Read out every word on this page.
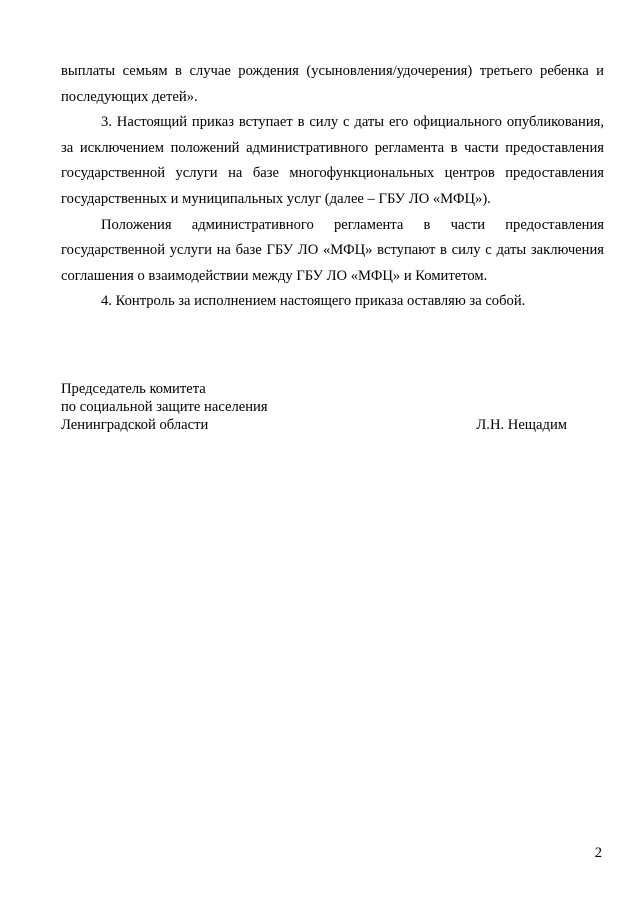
выплаты семьям в случае рождения (усыновления/удочерения) третьего ребенка и последующих детей».

3. Настоящий приказ вступает в силу с даты его официального опубликования, за исключением положений административного регламента в части предоставления государственной услуги на базе многофункциональных центров предоставления государственных и муниципальных услуг (далее – ГБУ ЛО «МФЦ»).

Положения административного регламента в части предоставления государственной услуги на базе ГБУ ЛО «МФЦ» вступают в силу с даты заключения соглашения о взаимодействии между ГБУ ЛО «МФЦ» и Комитетом.

4. Контроль за исполнением настоящего приказа оставляю за собой.

Председатель комитета
по социальной защите населения
Ленинградской области	Л.Н. Нещадим
2
